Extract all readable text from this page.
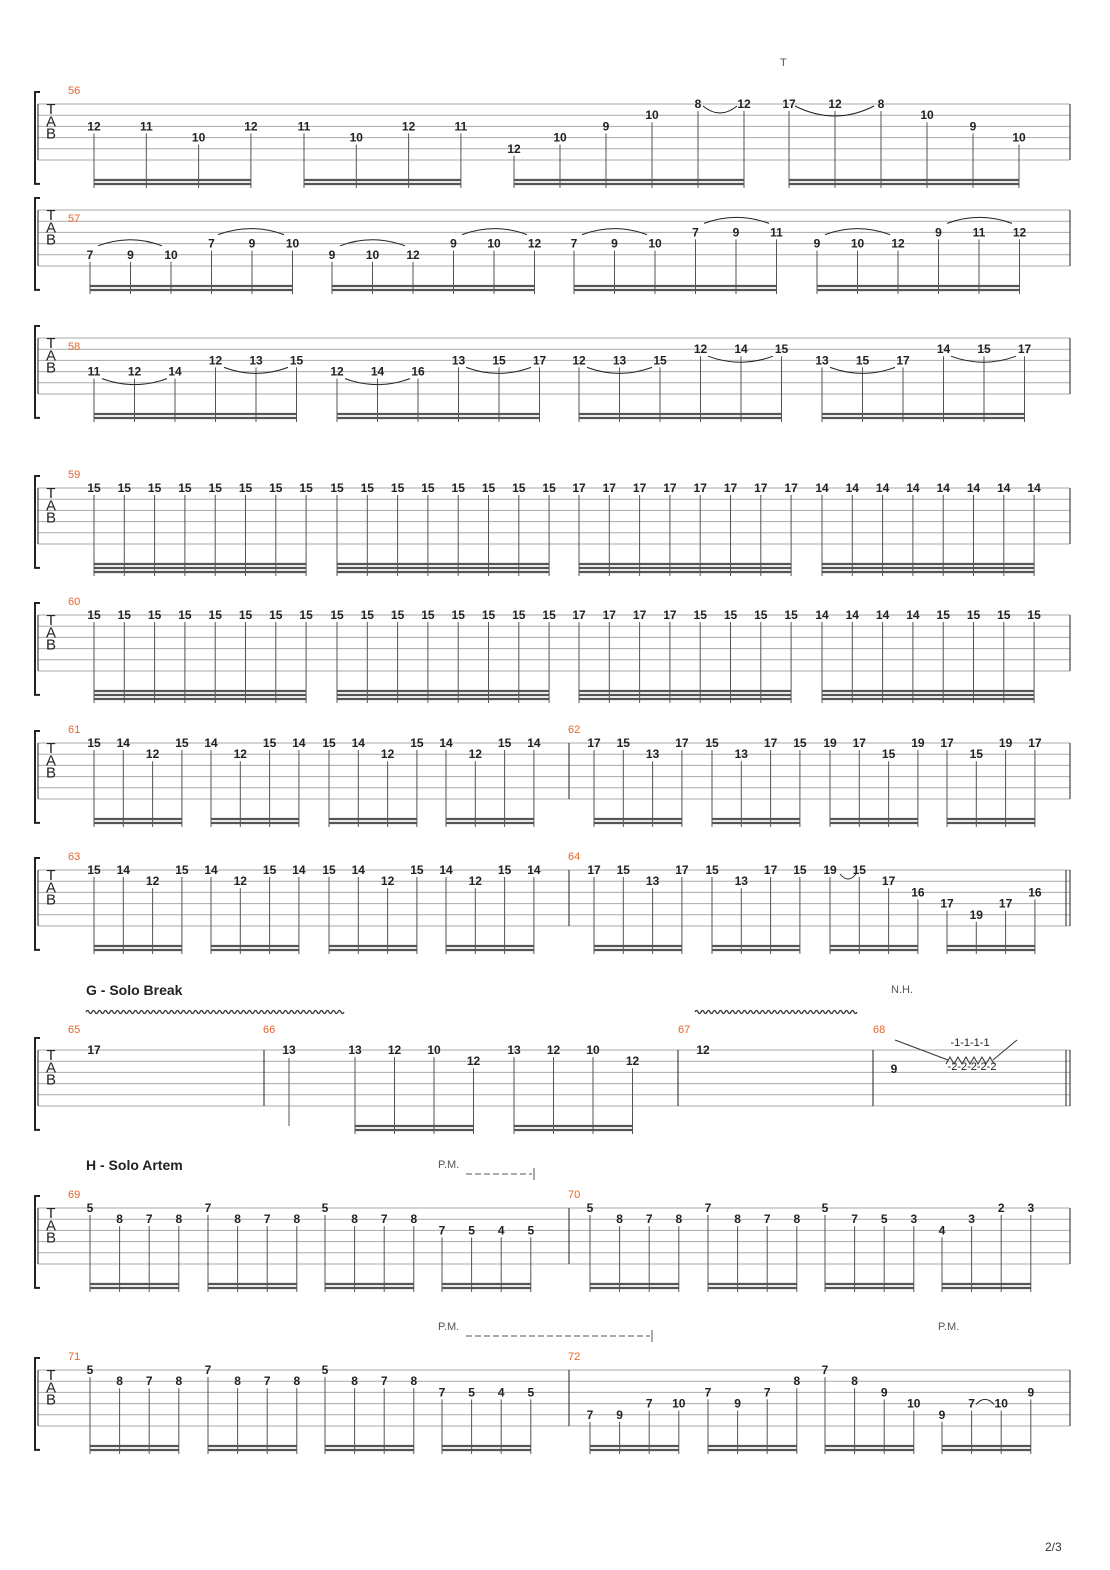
T
A
B
56
12	11
10
12	11
10
12	11
12
10
9
10
8	12	17	12	8
10
9
10
T
A
B
57
7	9	10
7	9	10
9	10 12
9	10 12 7	9	10
7	9	11
9	10 12
9	11 12
T
A
B
58
11 12 14
12 13 15
12 14 16
13 15 17 12 13 15
12 14 15
13 15 17
14 15 17
T
A
B
59
15 15 15 15 15 15 15 15 15 15 15 15 15 15 15 15 17 17 17 17 17 17 17 17 14 14 14 14 14 14 14 14
T
A
B
60
15 15 15 15 15 15 15 15 15 15 15 15 15 15 15 15 17 17 17 17 15 15 15 15 14 14 14 14 15 15 15 15
T
A
B
61	62
15 14
12
15 14
12
15 14 15 14
12
15 14
12
15 14	17 15
13
17 15
13
17 15 19 17
15
19 17
15
19 17
T
A
B
63	64
15 14
12
15 14
12
15 14 15 14
12
15 14
12
15 14	17 15
13
17 15
13
17 15 19 15
17
16
17
19
17
16
T
A
B
65	66	67	68
17	13	12
9
13 12 10
12
13 12 10
12
-1-1-1-1
-2-2-2-2-2
T
A
B
69	70
5
8 7 8
7
8 7 8
5
8 7 8
7 5 4 5
5
8 7 8
7
8 7 8
5
7 5 3
4
3
2 3
T
A
B
71	72
5
8 7 8
7
8 7 8
5
8 7 8
7 5 4 5
7 9
7 10
7
9
7
8
7
8
9
10
9
7 10
9
T
G - Solo Break
H - Solo Artem
N.H.
P.M.
P.M.	P.M.
2/3
